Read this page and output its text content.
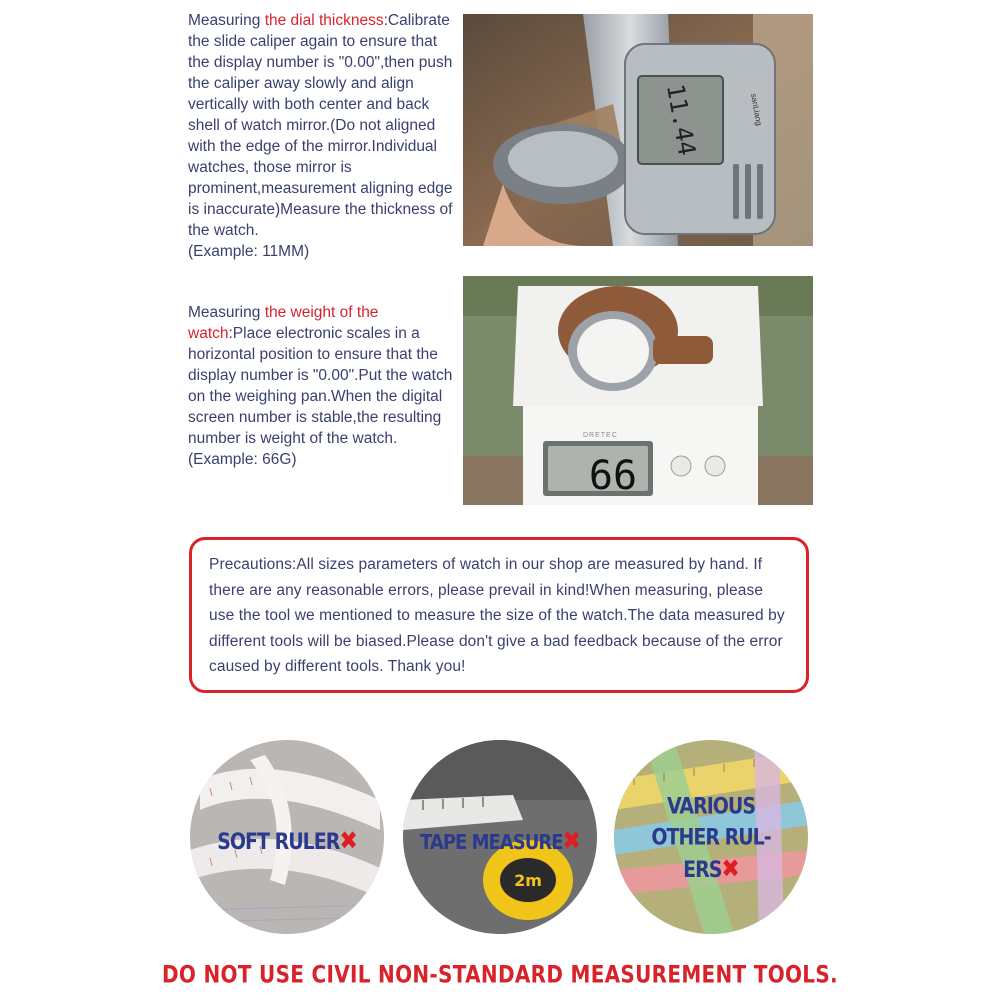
Measuring the dial thickness:Calibrate the slide caliper again to ensure that the display number is "0.00",then push the caliper away slowly and align vertically with both center and back shell of watch mirror.(Do not aligned with the edge of the mirror.Individual watches, those mirror is prominent,measurement aligning edge is inaccurate)Measure the thickness of the watch.
(Example: 11MM)
11.44	sanLiang
Measuring the weight of the watch:Place electronic scales in a horizontal position to ensure that the display number is "0.00".Put the watch on the weighing pan.When the digital screen number is stable,the resulting number is weight of the watch.(Example: 66G)
DRETEC
66
Precautions:All sizes parameters of watch in our shop are measured by hand. If there are any reasonable errors, please prevail in kind!When measuring, please use the tool we mentioned to measure the size of the watch.The data measured by different tools will be biased.Please don't give a bad feedback because of the error caused by different tools. Thank you!
SOFT RULER✖
2m
TAPE MEASURE✖
VARIOUS
OTHER RUL-
ERS✖
DO NOT USE CIVIL NON-STANDARD MEASUREMENT TOOLS.
